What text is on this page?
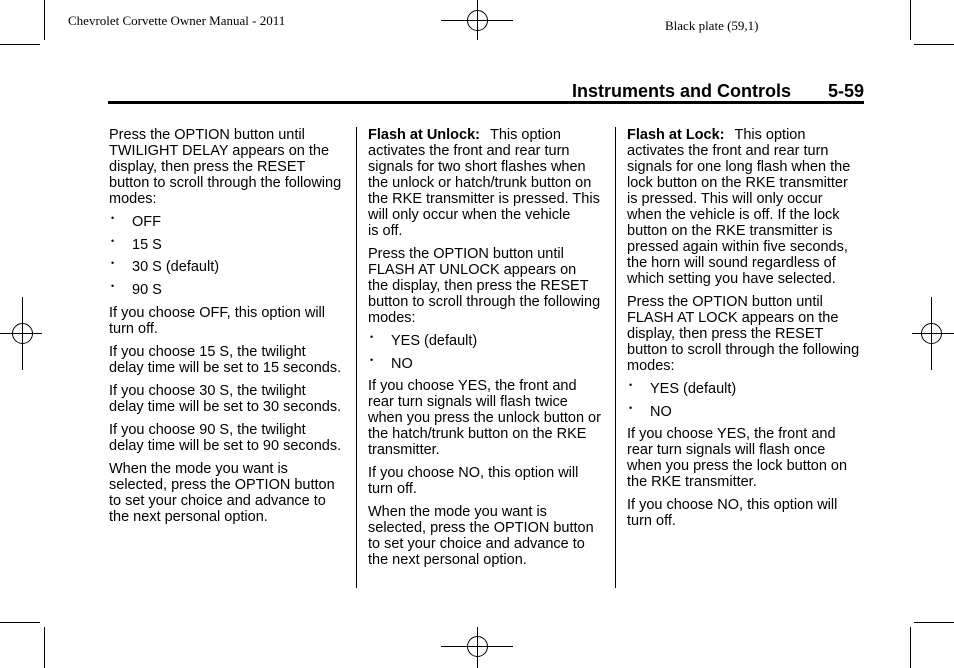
Chevrolet Corvette Owner Manual - 2011	Black plate (59,1)
Instruments and Controls 5-59
Press the OPTION button until
TWILIGHT DELAY appears on the
display, then press the RESET
button to scroll through the following
modes:
• OFF
• 15 S
• 30 S (default)
• 90 S
If you choose OFF, this option will
turn off.
If you choose 15 S, the twilight
delay time will be set to 15 seconds.
If you choose 30 S, the twilight
delay time will be set to 30 seconds.
If you choose 90 S, the twilight
delay time will be set to 90 seconds.
When the mode you want is
selected, press the OPTION button
to set your choice and advance to
the next personal option.
Flash at Unlock: This option
activates the front and rear turn
signals for two short flashes when
the unlock or hatch/trunk button on
the RKE transmitter is pressed. This
will only occur when the vehicle
is off.
Press the OPTION button until
FLASH AT UNLOCK appears on
the display, then press the RESET
button to scroll through the following
modes:
• YES (default)
• NO
If you choose YES, the front and
rear turn signals will flash twice
when you press the unlock button or
the hatch/trunk button on the RKE
transmitter.
If you choose NO, this option will
turn off.
When the mode you want is
selected, press the OPTION button
to set your choice and advance to
the next personal option.
Flash at Lock: This option
activates the front and rear turn
signals for one long flash when the
lock button on the RKE transmitter
is pressed. This will only occur
when the vehicle is off. If the lock
button on the RKE transmitter is
pressed again within five seconds,
the horn will sound regardless of
which setting you have selected.
Press the OPTION button until
FLASH AT LOCK appears on the
display, then press the RESET
button to scroll through the following
modes:
• YES (default)
• NO
If you choose YES, the front and
rear turn signals will flash once
when you press the lock button on
the RKE transmitter.
If you choose NO, this option will
turn off.
